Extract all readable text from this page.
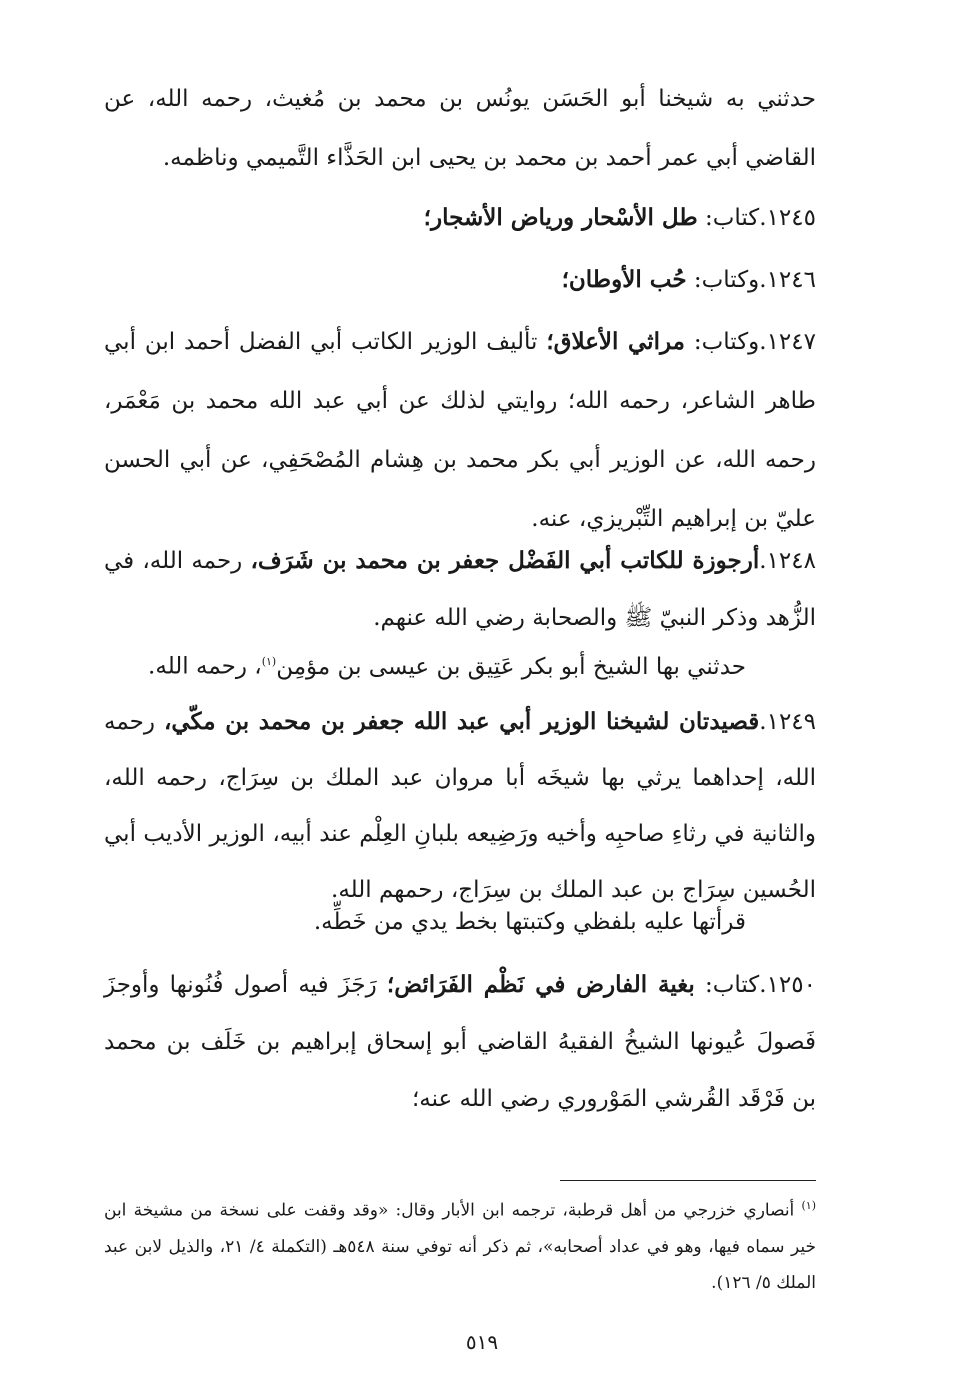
حدثني به شيخنا أبو الحَسَن يونُس بن محمد بن مُغيث، رحمه الله، عن القاضي أبي عمر أحمد بن محمد بن يحيى ابن الحَذَّاء التَّميمي وناظمه.
١٢٤٥.كتاب: طل الأسْحار ورياض الأشجار؛
١٢٤٦.وكتاب: حُب الأوطان؛
١٢٤٧.وكتاب: مراثي الأعلاق؛ تأليف الوزير الكاتب أبي الفضل أحمد ابن أبي طاهر الشاعر، رحمه الله؛ روايتي لذلك عن أبي عبد الله محمد بن مَعْمَر، رحمه الله، عن الوزير أبي بكر محمد بن هِشام المُصْحَفِي، عن أبي الحسن عليّ بن إبراهيم التِّبْريزي، عنه.
١٢٤٨.أرجوزة للكاتب أبي الفَضْل جعفر بن محمد بن شَرَف، رحمه الله، في الزُّهد وذكر النبيّ ﷺ والصحابة رضي الله عنهم.
حدثني بها الشيخ أبو بكر عَتِيق بن عيسى بن مؤمِن$^{(١)}$، رحمه الله.
١٢٤٩.قصيدتان لشيخنا الوزير أبي عبد الله جعفر بن محمد بن مكّي، رحمه الله، إحداهما يرثي بها شيخَه أبا مروان عبد الملك بن سِرَاج، رحمه الله، والثانية في رثاءِ صاحبِه وأخيه ورَضِيعه بلبانِ العِلْم عند أبيه، الوزير الأديب أبي الحُسين سِرَاج بن عبد الملك بن سِرَاج، رحمهم الله.
قرأتها عليه بلفظي وكتبتها بخط يدي من خَطِّه.
١٢٥٠.كتاب: بغية الفارض في نَظْم الفَرَائض؛ رَجَزَ فيه أصول فُنُونها وأوجزَ فَصولَ عُيونها الشيخُ الفقيهُ القاضي أبو إسحاق إبراهيم بن خَلَف بن محمد بن فَرْقَد القُرشي المَوْروري رضي الله عنه؛
$^{(١)}$ أنصاري خزرجي من أهل قرطبة، ترجمه ابن الأبار وقال: «وقد وقفت على نسخة من مشيخة ابن خير سماه فيها، وهو في عداد أصحابه»، ثم ذكر أنه توفي سنة ٥٤٨هـ (التكملة ٤/ ٢١، والذيل لابن عبد الملك ٥/ ١٢٦).
٥١٩
